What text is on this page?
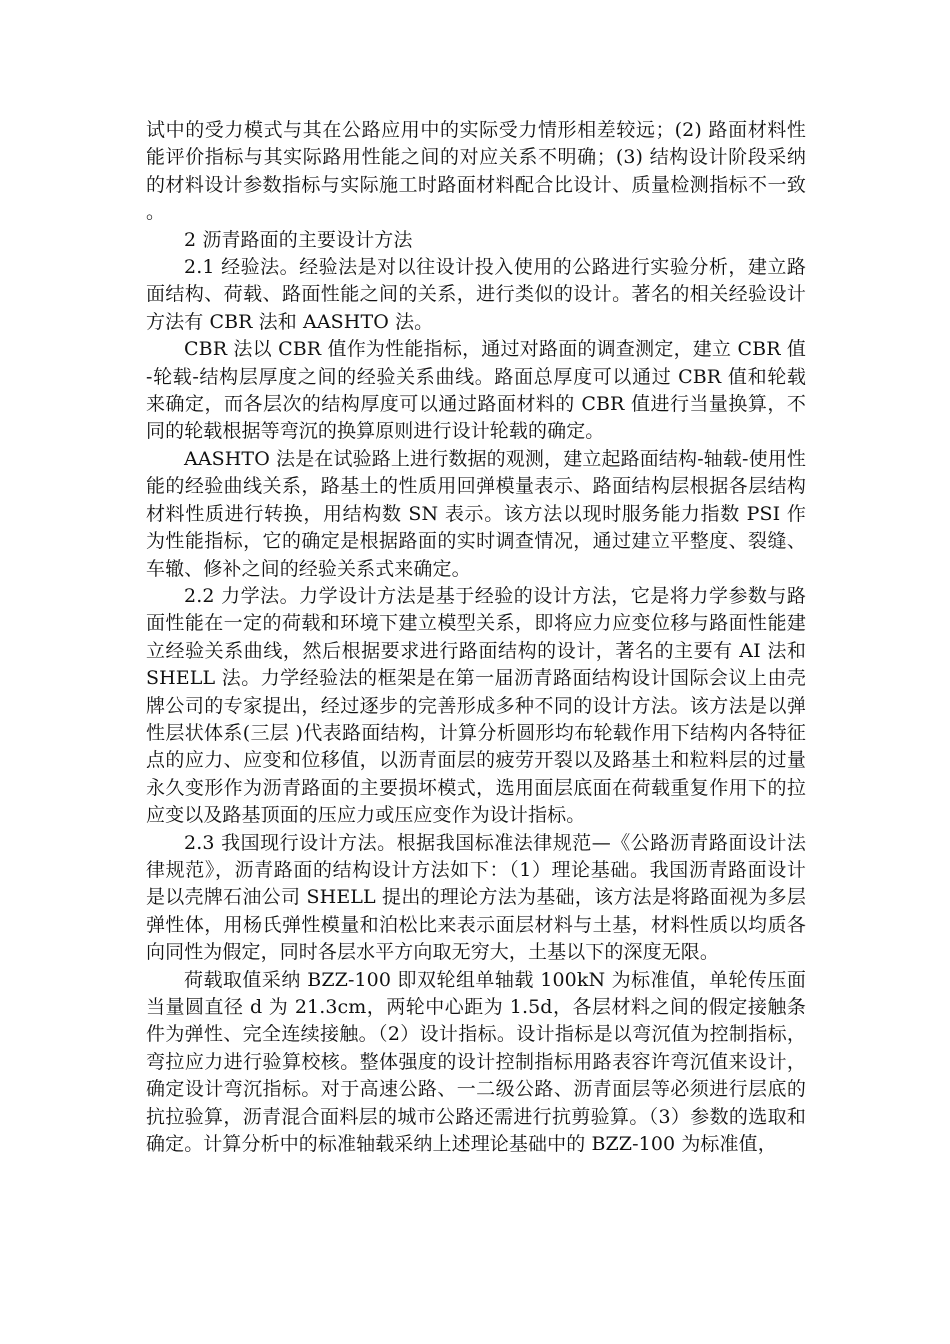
试中的受力模式与其在公路应用中的实际受力情形相差较远；(2) 路面材料性能评价指标与其实际路用性能之间的对应关系不明确；(3) 结构设计阶段采纳的材料设计参数指标与实际施工时路面材料配合比设计、质量检测指标不一致。

2 沥青路面的主要设计方法

2.1 经验法。经验法是对以往设计投入使用的公路进行实验分析，建立路面结构、荷载、路面性能之间的关系，进行类似的设计。著名的相关经验设计方法有 CBR 法和 AASHTO 法。

CBR 法以 CBR 值作为性能指标，通过对路面的调查测定，建立 CBR 值-轮载-结构层厚度之间的经验关系曲线。路面总厚度可以通过 CBR 值和轮载来确定，而各层次的结构厚度可以通过路面材料的 CBR 值进行当量换算，不同的轮载根据等弯沉的换算原则进行设计轮载的确定。

AASHTO 法是在试验路上进行数据的观测，建立起路面结构-轴载-使用性能的经验曲线关系，路基土的性质用回弹模量表示、路面结构层根据各层结构材料性质进行转换，用结构数 SN 表示。该方法以现时服务能力指数 PSI 作为性能指标，它的确定是根据路面的实时调查情况，通过建立平整度、裂缝、车辙、修补之间的经验关系式来确定。

2.2 力学法。力学设计方法是基于经验的设计方法，它是将力学参数与路面性能在一定的荷载和环境下建立模型关系，即将应力应变位移与路面性能建立经验关系曲线，然后根据要求进行路面结构的设计，著名的主要有 AI 法和 SHELL 法。力学经验法的框架是在第一届沥青路面结构设计国际会议上由壳牌公司的专家提出，经过逐步的完善形成多种不同的设计方法。该方法是以弹性层状体系(三层 )代表路面结构，计算分析圆形均布轮载作用下结构内各特征点的应力、应变和位移值，以沥青面层的疲劳开裂以及路基土和粒料层的过量永久变形作为沥青路面的主要损坏模式，选用面层底面在荷载重复作用下的拉应变以及路基顶面的压应力或压应变作为设计指标。

2.3 我国现行设计方法。根据我国标准法律规范—《公路沥青路面设计法律规范》，沥青路面的结构设计方法如下：（1）理论基础。我国沥青路面设计是以壳牌石油公司 SHELL 提出的理论方法为基础，该方法是将路面视为多层弹性体，用杨氏弹性模量和泊松比来表示面层材料与土基，材料性质以均质各向同性为假定，同时各层水平方向取无穷大，土基以下的深度无限。

荷载取值采纳 BZZ-100 即双轮组单轴载 100kN 为标准值，单轮传压面当量圆直径 d 为 21.3cm，两轮中心距为 1.5d，各层材料之间的假定接触条件为弹性、完全连续接触。（2）设计指标。设计指标是以弯沉值为控制指标，弯拉应力进行验算校核。整体强度的设计控制指标用路表容许弯沉值来设计，确定设计弯沉指标。对于高速公路、一二级公路、沥青面层等必须进行层底的抗拉验算，沥青混合面料层的城市公路还需进行抗剪验算。（3）参数的选取和确定。计算分析中的标准轴载采纳上述理论基础中的 BZZ-100 为标准值，
